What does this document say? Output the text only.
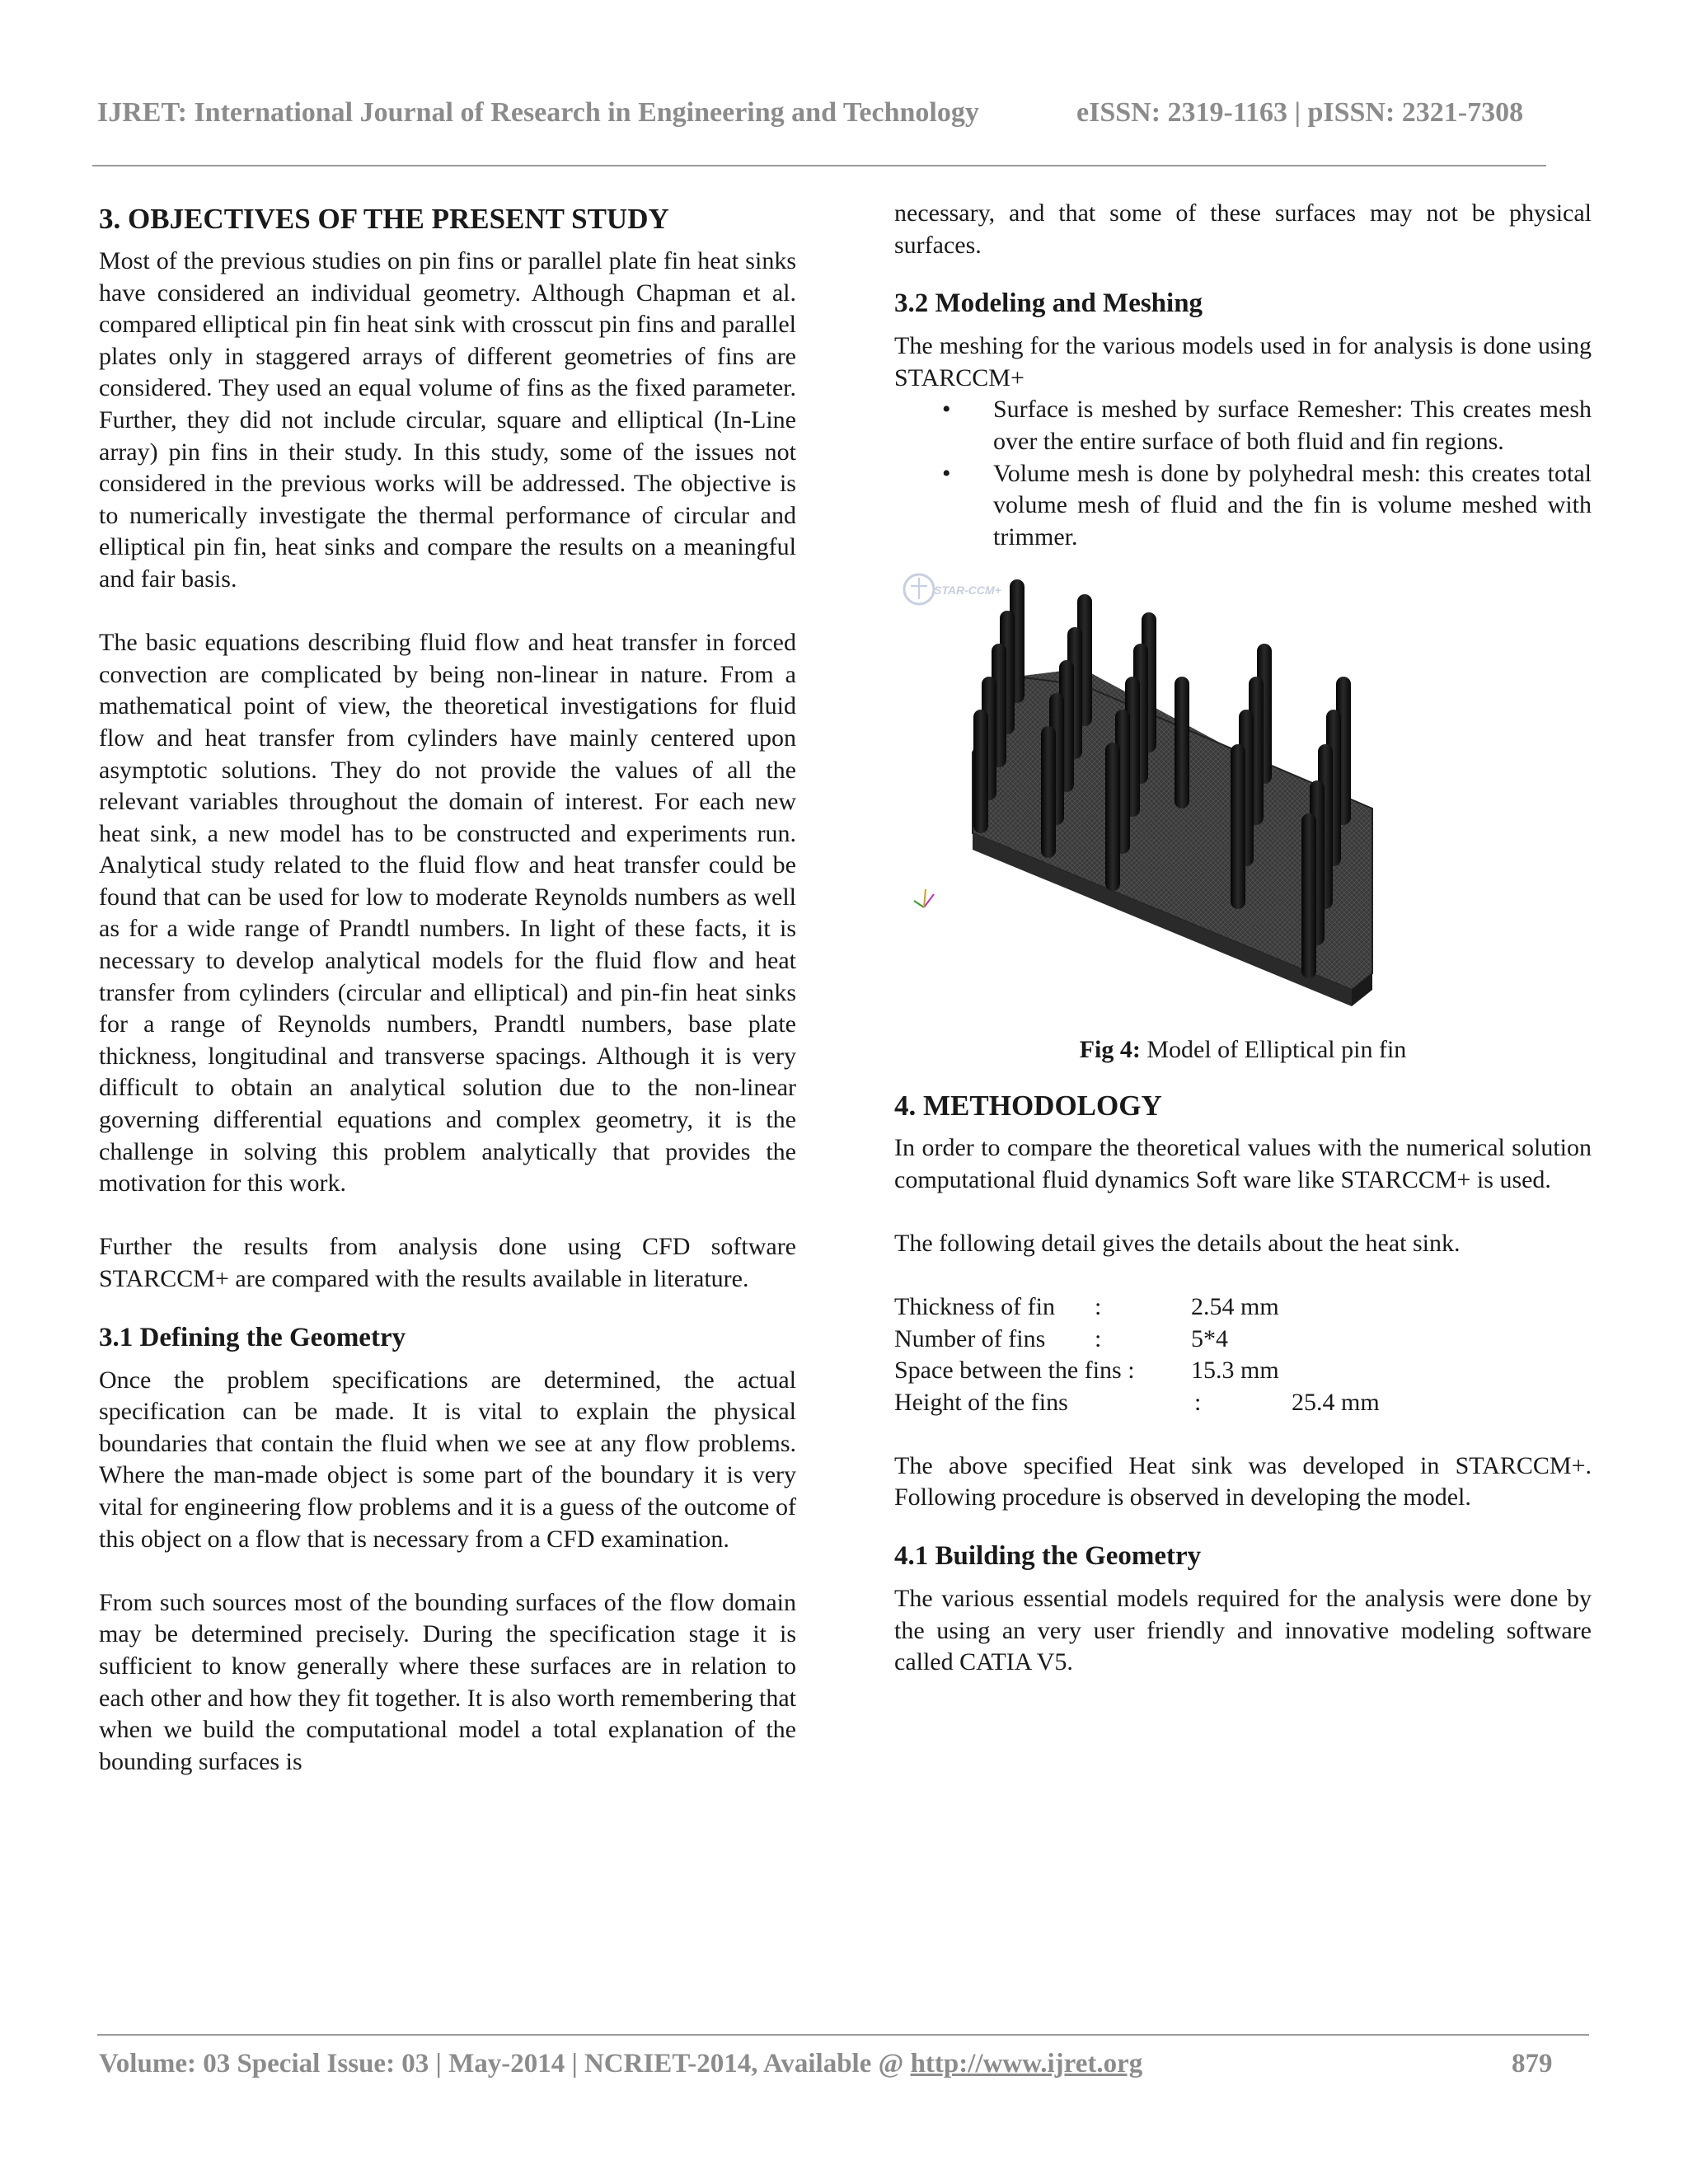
IJRET: International Journal of Research in Engineering and Technology	eISSN: 2319-1163 | pISSN: 2321-7308
3. OBJECTIVES OF THE PRESENT STUDY

Most of the previous studies on pin fins or parallel plate fin heat sinks have considered an individual geometry. Although Chapman et al. compared elliptical pin fin heat sink with crosscut pin fins and parallel plates only in staggered arrays of different geometries of fins are considered. They used an equal volume of fins as the fixed parameter. Further, they did not include circular, square and elliptical (In-Line array) pin fins in their study. In this study, some of the issues not considered in the previous works will be addressed. The objective is to numerically investigate the thermal performance of circular and elliptical pin fin, heat sinks and compare the results on a meaningful and fair basis.

The basic equations describing fluid flow and heat transfer in forced convection are complicated by being non-linear in nature. From a mathematical point of view, the theoretical investigations for fluid flow and heat transfer from cylinders have mainly centered upon asymptotic solutions. They do not provide the values of all the relevant variables throughout the domain of interest. For each new heat sink, a new model has to be constructed and experiments run. Analytical study related to the fluid flow and heat transfer could be found that can be used for low to moderate Reynolds numbers as well as for a wide range of Prandtl numbers. In light of these facts, it is necessary to develop analytical models for the fluid flow and heat transfer from cylinders (circular and elliptical) and pin-fin heat sinks for a range of Reynolds numbers, Prandtl numbers, base plate thickness, longitudinal and transverse spacings. Although it is very difficult to obtain an analytical solution due to the non-linear governing differential equations and complex geometry, it is the challenge in solving this problem analytically that provides the motivation for this work.

Further the results from analysis done using CFD software STARCCM+ are compared with the results available in literature.

3.1 Defining the Geometry

Once the problem specifications are determined, the actual specification can be made. It is vital to explain the physical boundaries that contain the fluid when we see at any flow problems. Where the man-made object is some part of the boundary it is very vital for engineering flow problems and it is a guess of the outcome of this object on a flow that is necessary from a CFD examination.

From such sources most of the bounding surfaces of the flow domain may be determined precisely. During the specification stage it is sufficient to know generally where these surfaces are in relation to each other and how they fit together. It is also worth remembering that when we build the computational model a total explanation of the bounding surfaces is

necessary, and that some of these surfaces may not be physical surfaces.

3.2 Modeling and Meshing

The meshing for the various models used in for analysis is done using STARCCM+

• Surface is meshed by surface Remesher: This creates mesh over the entire surface of both fluid and fin regions.
• Volume mesh is done by polyhedral mesh: this creates total volume mesh of fluid and the fin is volume meshed with trimmer.
STAR-CCM+
Fig 4: Model of Elliptical pin fin
4. METHODOLOGY

In order to compare the theoretical values with the numerical solution computational fluid dynamics Soft ware like STARCCM+ is used.

The following detail gives the details about the heat sink.

Thickness of fin :	2.54 mm
Number of fins :	5*4
Space between the fins : 15.3 mm
Height of the fins	:	25.4 mm

The above specified Heat sink was developed in STARCCM+. Following procedure is observed in developing the model.

4.1 Building the Geometry

The various essential models required for the analysis were done by the using an very user friendly and innovative modeling software called CATIA V5.

Volume: 03 Special Issue: 03 | May-2014 | NCRIET-2014, Available @ http://www.ijret.org	879
